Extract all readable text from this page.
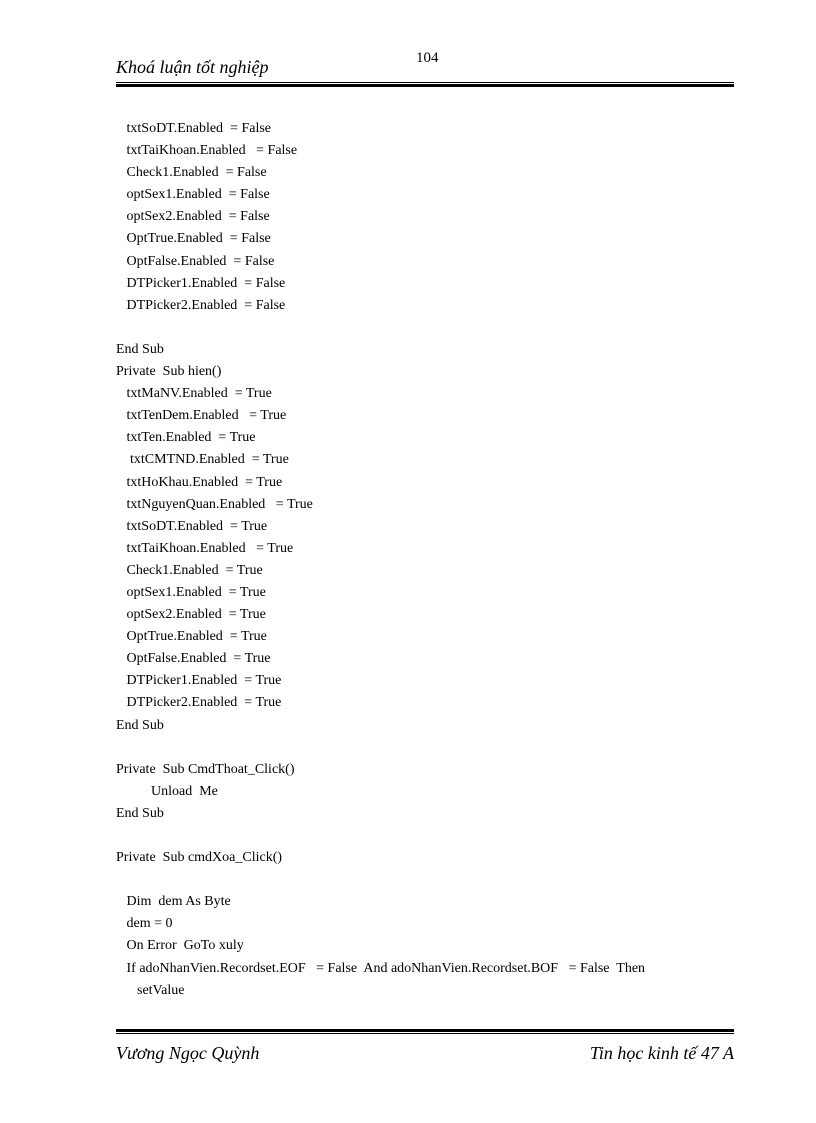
Khoá luận tốt nghiệp	104
txtSoDT.Enabled  = False
txtTaiKhoan.Enabled   = False
Check1.Enabled  = False
optSex1.Enabled  = False
optSex2.Enabled  = False
OptTrue.Enabled  = False
OptFalse.Enabled  = False
DTPicker1.Enabled  = False
DTPicker2.Enabled  = False
End Sub
Private  Sub hien()
txtMaNV.Enabled  = True
txtTenDem.Enabled   = True
txtTen.Enabled  = True
txtCMTND.Enabled  = True
txtHoKhau.Enabled  = True
txtNguyenQuan.Enabled   = True
txtSoDT.Enabled  = True
txtTaiKhoan.Enabled   = True
Check1.Enabled  = True
optSex1.Enabled  = True
optSex2.Enabled  = True
OptTrue.Enabled  = True
OptFalse.Enabled  = True
DTPicker1.Enabled  = True
DTPicker2.Enabled  = True
End Sub
Private  Sub CmdThoat_Click()
Unload  Me
End Sub
Private  Sub cmdXoa_Click()
Dim  dem As Byte
dem = 0
On Error  GoTo xuly
If adoNhanVien.Recordset.EOF   = False  And adoNhanVien.Recordset.BOF   = False  Then
setValue
Vương Ngọc Quỳnh	Tin học kinh tế 47 A
